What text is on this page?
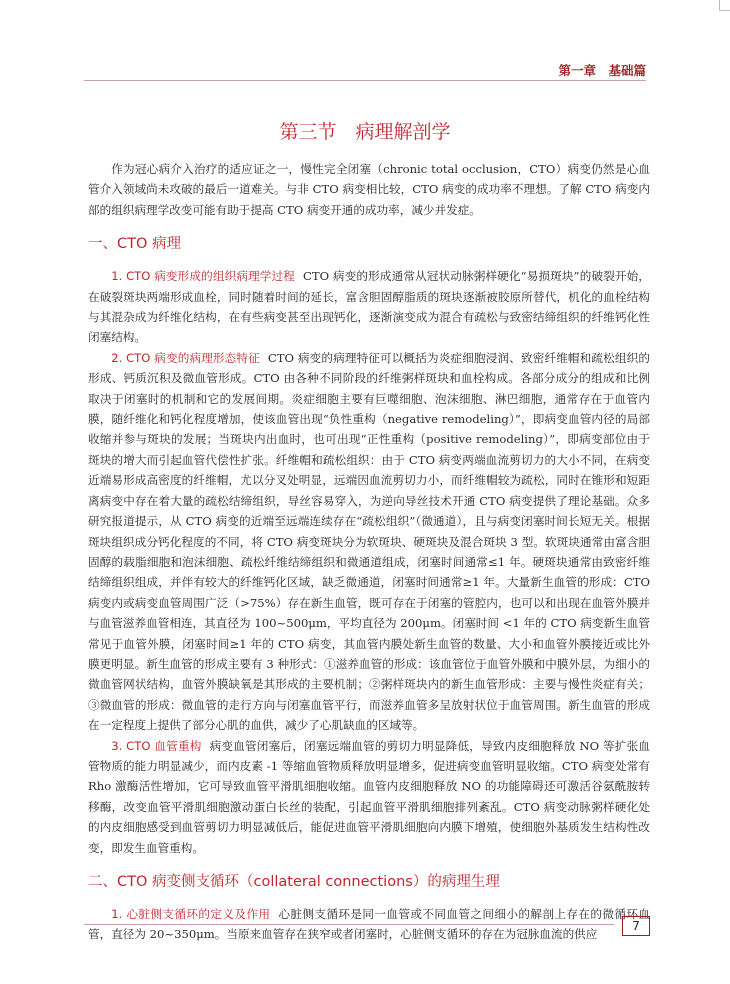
第一章　基础篇
第三节　病理解剖学

作为冠心病介入治疗的适应证之一，慢性完全闭塞（chronic total occlusion，CTO）病变仍然是心血管介入领域尚未攻破的最后一道难关。与非 CTO 病变相比较，CTO 病变的成功率不理想。了解 CTO 病变内部的组织病理学改变可能有助于提高 CTO 病变开通的成功率，减少并发症。

一、CTO 病理

1. CTO 病变形成的组织病理学过程 CTO 病变的形成通常从冠状动脉粥样硬化“易损斑块”的破裂开始，在破裂斑块两端形成血栓，同时随着时间的延长，富含胆固醇脂质的斑块逐渐被胶原所替代，机化的血栓结构与其混杂成为纤维化结构，在有些病变甚至出现钙化，逐渐演变成为混合有疏松与致密结缔组织的纤维钙化性闭塞结构。

2. CTO 病变的病理形态特征 CTO 病变的病理特征可以概括为炎症细胞浸润、致密纤维帽和疏松组织的形成、钙质沉积及微血管形成。CTO 由各种不同阶段的纤维粥样斑块和血栓构成。各部分成分的组成和比例取决于闭塞时的机制和它的发展间期。炎症细胞主要有巨噬细胞、泡沫细胞、淋巴细胞，通常存在于血管内膜，随纤维化和钙化程度增加，使该血管出现“负性重构（negative remodeling）”，即病变血管内径的局部收缩并参与斑块的发展；当斑块内出血时，也可出现“正性重构（positive remodeling）”，即病变部位由于斑块的增大而引起血管代偿性扩张。纤维帽和疏松组织：由于 CTO 病变两端血流剪切力的大小不同，在病变近端易形成高密度的纤维帽，尤以分叉处明显，远端因血流剪切力小，而纤维帽较为疏松，同时在锥形和短距离病变中存在着大量的疏松结缔组织，导丝容易穿入，为逆向导丝技术开通 CTO 病变提供了理论基础。众多研究报道提示，从 CTO 病变的近端至远端连续存在“疏松组织”（微通道），且与病变闭塞时间长短无关。根据斑块组织成分钙化程度的不同，将 CTO 病变斑块分为软斑块、硬斑块及混合斑块 3 型。软斑块通常由富含胆固醇的载脂细胞和泡沫细胞、疏松纤维结缔组织和微通道组成，闭塞时间通常≤1 年。硬斑块通常由致密纤维结缔组织组成，并伴有较大的纤维钙化区域，缺乏微通道，闭塞时间通常≥1 年。大量新生血管的形成：CTO 病变内或病变血管周围广泛（>75%）存在新生血管，既可存在于闭塞的管腔内，也可以和出现在血管外膜并与血管滋养血管相连，其直径为 100~500μm，平均直径为 200μm。闭塞时间 <1 年的 CTO 病变新生血管常见于血管外膜，闭塞时间≥1 年的 CTO 病变，其血管内膜处新生血管的数量、大小和血管外膜接近或比外膜更明显。新生血管的形成主要有 3 种形式：①滋养血管的形成：该血管位于血管外膜和中膜外层，为细小的微血管网状结构，血管外膜缺氧是其形成的主要机制；②粥样斑块内的新生血管形成：主要与慢性炎症有关；③微血管的形成：微血管的走行方向与闭塞血管平行，而滋养血管多呈放射状位于血管周围。新生血管的形成在一定程度上提供了部分心肌的血供，减少了心肌缺血的区域等。

3. CTO 血管重构 病变血管闭塞后，闭塞远端血管的剪切力明显降低，导致内皮细胞释放 NO 等扩张血管物质的能力明显减少，而内皮素 -1 等缩血管物质释放明显增多，促进病变血管明显收缩。CTO 病变处常有 Rho 激酶活性增加，它可导致血管平滑肌细胞收缩。血管内皮细胞释放 NO 的功能障碍还可激活谷氨酰胺转移酶，改变血管平滑肌细胞激动蛋白长丝的装配，引起血管平滑肌细胞排列紊乱。CTO 病变动脉粥样硬化处的内皮细胞感受到血管剪切力明显减低后，能促进血管平滑肌细胞向内膜下增殖，使细胞外基质发生结构性改变，即发生血管重构。

二、CTO 病变侧支循环（collateral connections）的病理生理

1. 心脏侧支循环的定义及作用 心脏侧支循环是同一血管或不同血管之间细小的解剖上存在的微循环血管，直径为 20~350μm。当原来血管存在狭窄或者闭塞时，心脏侧支循环的存在为冠脉血流的供应

7
